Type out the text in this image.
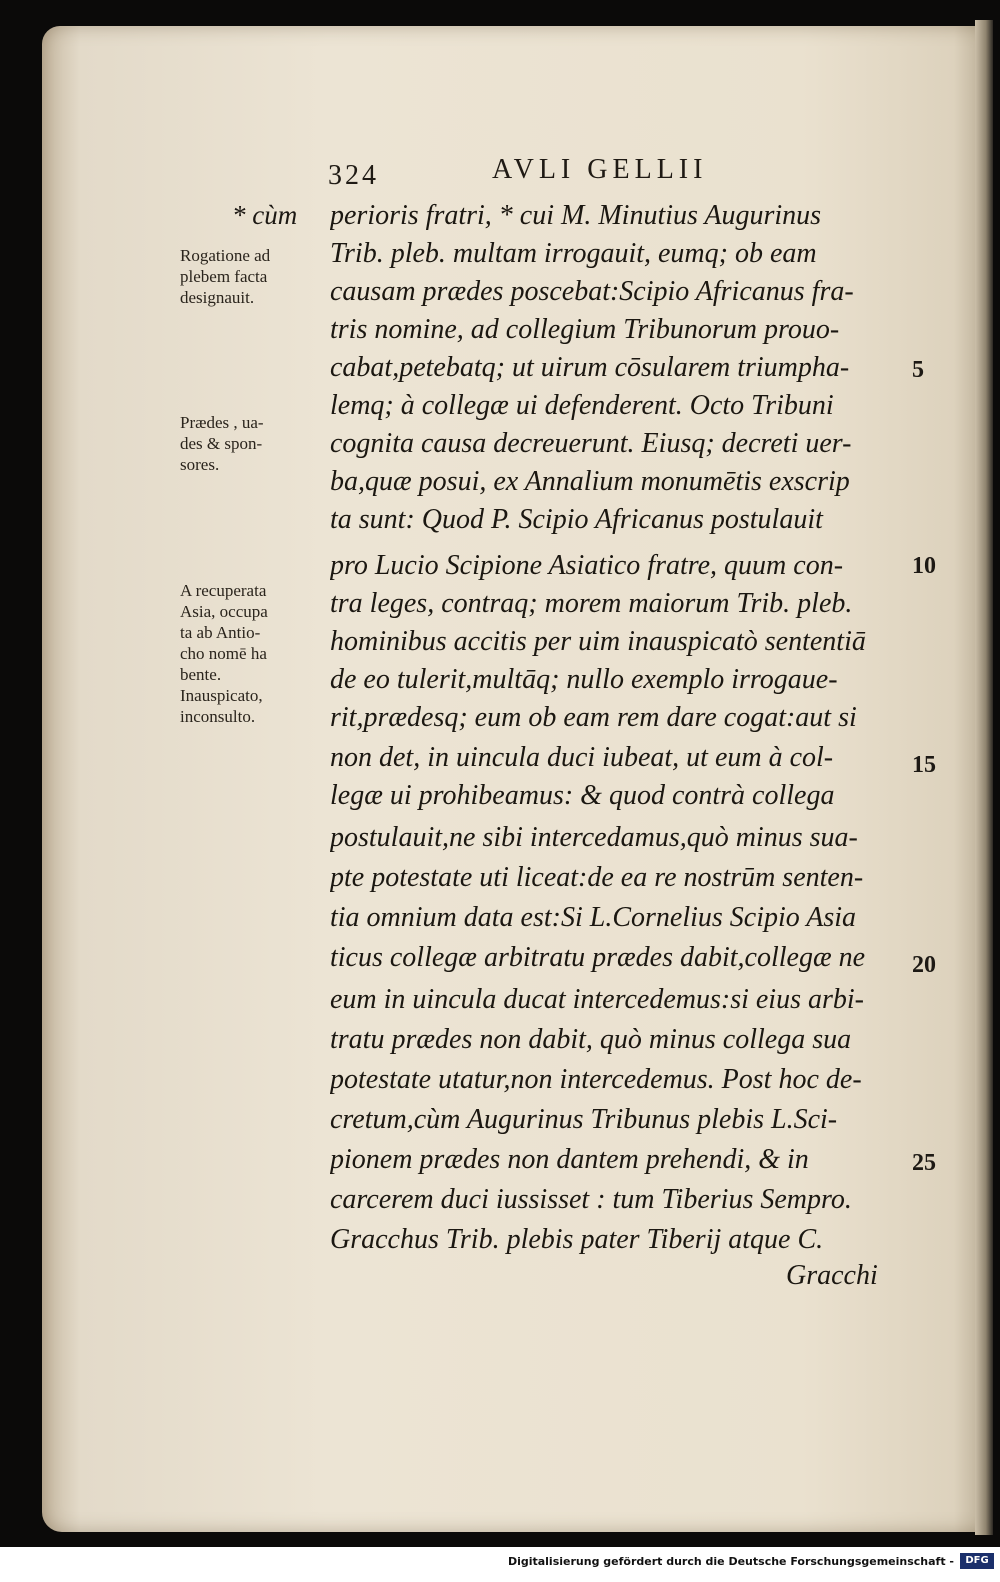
324	AVLI GELLII
* cùm
Rogatione ad
plebem facta
designauit.
Prædes , ua-
des & spon-
sores.
A recuperata
Asia, occupa
ta ab Antio-
cho nomē ha
bente.
Inauspicato,
inconsulto.
perioris fratri, * cui M. Minutius Augurinus
Trib. pleb. multam irrogauit, eumq; ob eam
causam prædes poscebat:Scipio Africanus fra-
tris nomine, ad collegium Tribunorum prouo-
cabat,petebatq; ut uirum cōsularem triumpha-
lemq; à collegæ ui defenderent. Octo Tribuni
cognita causa decreuerunt. Eiusq; decreti uer-
ba,quæ posui, ex Annalium monumētis exscrip
ta sunt: Quod P. Scipio Africanus postulauit
pro Lucio Scipione Asiatico fratre, quum con-
tra leges, contraq; morem maiorum Trib. pleb.
hominibus accitis per uim inauspicatò sententiā
de eo tulerit,multāq; nullo exemplo irrogaue-
rit,prædesq; eum ob eam rem dare cogat:aut si
non det, in uincula duci iubeat, ut eum à col-
legæ ui prohibeamus: & quod contrà collega
postulauit,ne sibi intercedamus,quò minus sua-
pte potestate uti liceat:de ea re nostrūm senten-
tia omnium data est:Si L.Cornelius Scipio Asia
ticus collegæ arbitratu prædes dabit,collegæ ne
eum in uincula ducat intercedemus:si eius arbi-
tratu prædes non dabit, quò minus collega sua
potestate utatur,non intercedemus. Post hoc de-
cretum,cùm Augurinus Tribunus plebis L.Sci-
pionem prædes non dantem prehendi, & in
carcerem duci iussisset : tum Tiberius Sempro.
Gracchus Trib. plebis pater Tiberij atque C.
5
10
15
20
25
Gracchi
Digitalisierung gefördert durch die Deutsche Forschungsgemeinschaft -	DFG
